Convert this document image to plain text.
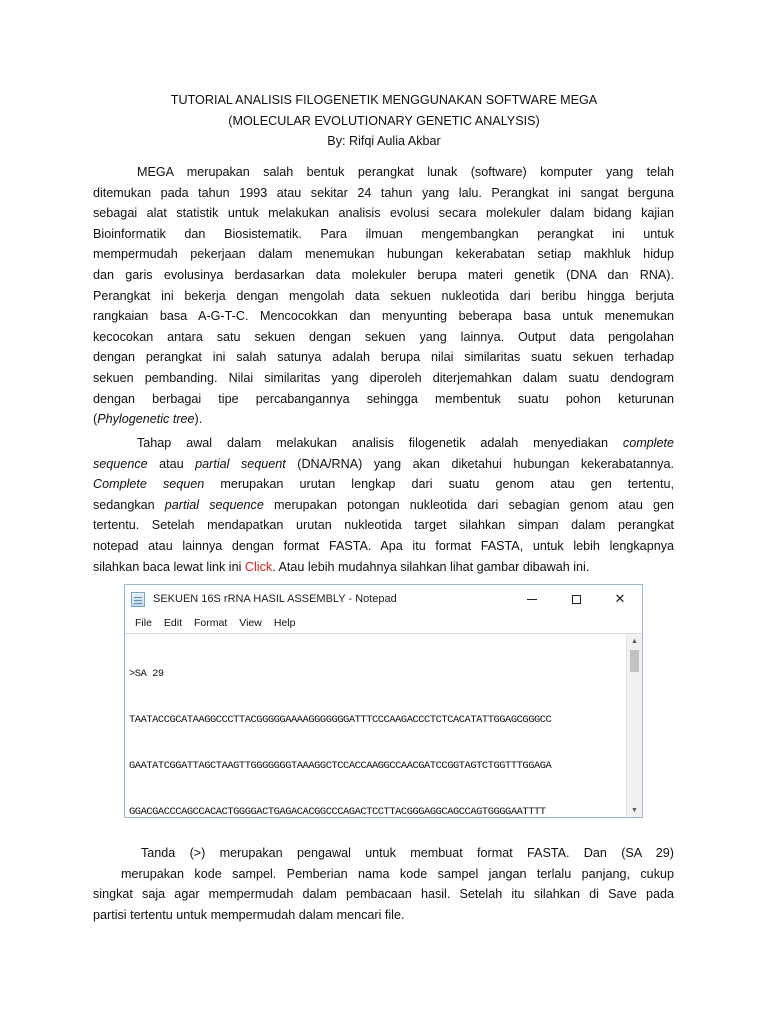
TUTORIAL ANALISIS FILOGENETIK MENGGUNAKAN SOFTWARE MEGA
(MOLECULAR EVOLUTIONARY GENETIC ANALYSIS)
By: Rifqi Aulia Akbar
MEGA merupakan salah bentuk perangkat lunak (software) komputer yang telah
ditemukan pada tahun 1993 atau sekitar 24 tahun yang lalu. Perangkat ini sangat berguna
sebagai alat statistik untuk melakukan analisis evolusi secara molekuler dalam bidang kajian
Bioinformatik dan Biosistematik. Para ilmuan mengembangkan perangkat ini untuk
mempermudah pekerjaan dalam menemukan hubungan kekerabatan setiap makhluk hidup
dan garis evolusinya berdasarkan data molekuler berupa materi genetik (DNA dan RNA).
Perangkat ini bekerja dengan mengolah data sekuen nukleotida dari beribu hingga berjuta
rangkaian basa A-G-T-C. Mencocokkan dan menyunting beberapa basa untuk menemukan
kecocokan antara satu sekuen dengan sekuen yang lainnya. Output data pengolahan
dengan perangkat ini salah satunya adalah berupa nilai similaritas suatu sekuen terhadap
sekuen pembanding. Nilai similaritas yang diperoleh diterjemahkan dalam suatu dendogram
dengan berbagai tipe percabangannya sehingga membentuk suatu pohon keturunan
(Phylogenetic tree).
Tahap awal dalam melakukan analisis filogenetik adalah menyediakan complete
sequence atau partial sequent (DNA/RNA) yang akan diketahui hubungan kekerabatannya.
Complete sequen merupakan urutan lengkap dari suatu genom atau gen tertentu,
sedangkan partial sequence merupakan potongan nukleotida dari sebagian genom atau gen
tertentu. Setelah mendapatkan urutan nukleotida target silahkan simpan dalam perangkat
notepad atau lainnya dengan format FASTA. Apa itu format FASTA, untuk lebih lengkapnya
silahkan baca lewat link ini Click. Atau lebih mudahnya silahkan lihat gambar dibawah ini.
SEKUEN 16S rRNA HASIL ASSEMBLY - Notepad	✕
File	Edit	Format	View	Help

>SA 29

TAATACCGCATAAGGCCCTTACGGGGGAAAAGGGGGGGATTTCCCAAGACCCTCTCACATATTGGAGCGGGCC

GAATATCGGATTAGCTAAGTTGGGGGGGTAAAGGCTCCACCAAGGCCAACGATCCGGTAGTCTGGTTTGGAGA

GGACGACCCAGCCACACTGGGGACTGAGACACGGCCCAGACTCCTTACGGGAGGCAGCCAGTGGGGAATTTT

▲
▼
Tanda (>) merupakan pengawal untuk membuat format FASTA. Dan (SA 29)
merupakan kode sampel. Pemberian nama kode sampel jangan terlalu panjang, cukup
singkat saja agar mempermudah dalam pembacaan hasil. Setelah itu silahkan di Save pada
partisi tertentu untuk mempermudah dalam mencari file.
